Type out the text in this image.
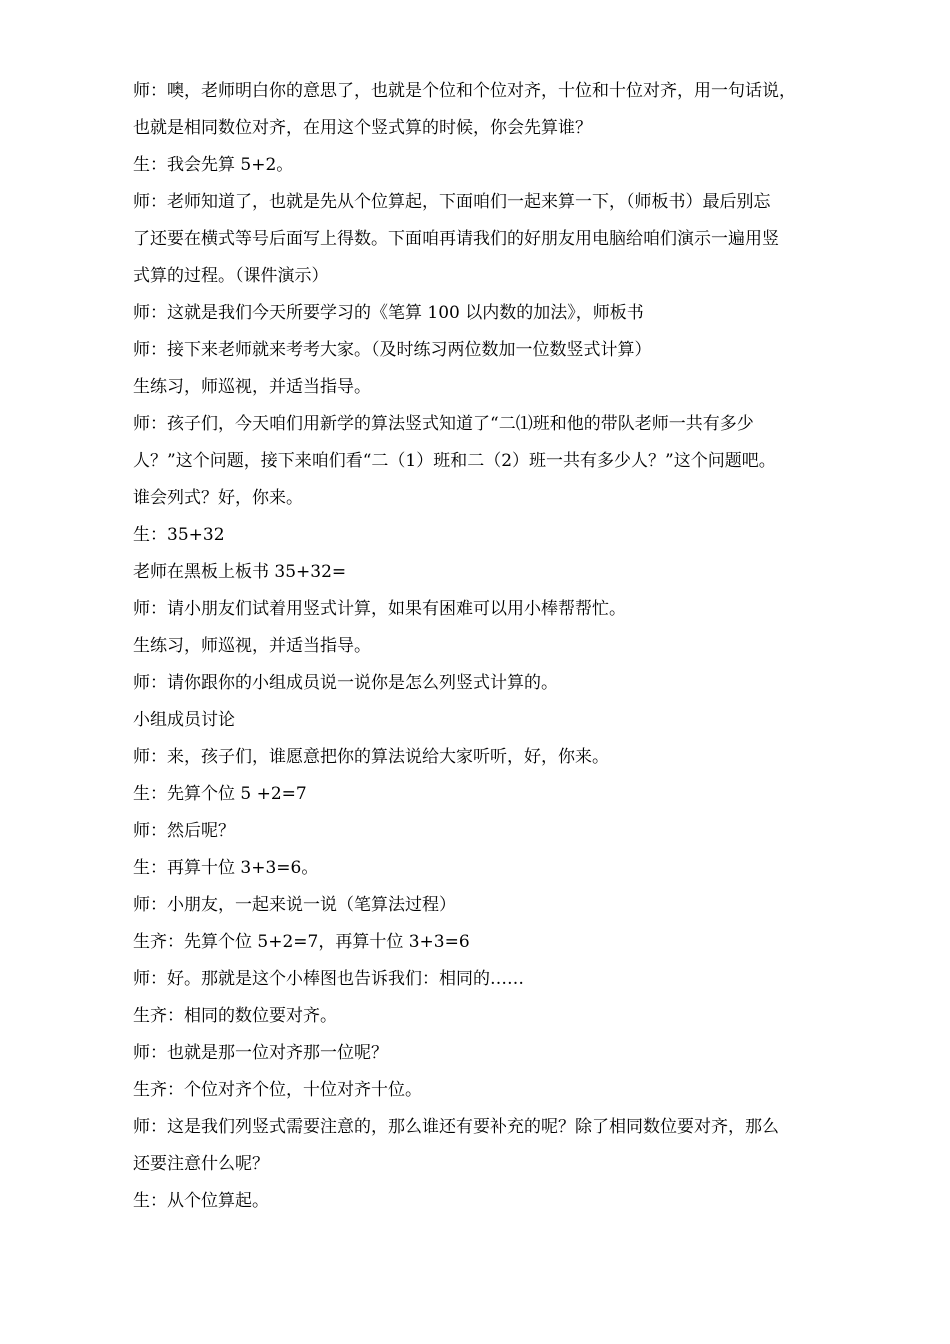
师：噢，老师明白你的意思了，也就是个位和个位对齐，十位和十位对齐，用一句话说，
也就是相同数位对齐，在用这个竖式算的时候，你会先算谁？
生：我会先算 5+2。
师：老师知道了，也就是先从个位算起，下面咱们一起来算一下，（师板书）最后别忘
了还要在横式等号后面写上得数。下面咱再请我们的好朋友用电脑给咱们演示一遍用竖
式算的过程。（课件演示）
师：这就是我们今天所要学习的《笔算 100 以内数的加法》，师板书
师：接下来老师就来考考大家。（及时练习两位数加一位数竖式计算）
生练习，师巡视，并适当指导。
师：孩子们，今天咱们用新学的算法竖式知道了“二⑴班和他的带队老师一共有多少
人？”这个问题，接下来咱们看“二（1）班和二（2）班一共有多少人？”这个问题吧。
谁会列式？好，你来。
生：35+32
老师在黑板上板书 35+32=
师：请小朋友们试着用竖式计算，如果有困难可以用小棒帮帮忙。
生练习，师巡视，并适当指导。
师：请你跟你的小组成员说一说你是怎么列竖式计算的。
小组成员讨论
师：来，孩子们，谁愿意把你的算法说给大家听听，好，你来。
生：先算个位 5 +2=7
师：然后呢？
生：再算十位 3+3=6。
师：小朋友，一起来说一说（笔算法过程）
生齐：先算个位 5+2=7，再算十位 3+3=6
师：好。那就是这个小棒图也告诉我们：相同的……
生齐：相同的数位要对齐。
师：也就是那一位对齐那一位呢？
生齐：个位对齐个位，十位对齐十位。
师：这是我们列竖式需要注意的，那么谁还有要补充的呢？除了相同数位要对齐，那么
还要注意什么呢？
生：从个位算起。
